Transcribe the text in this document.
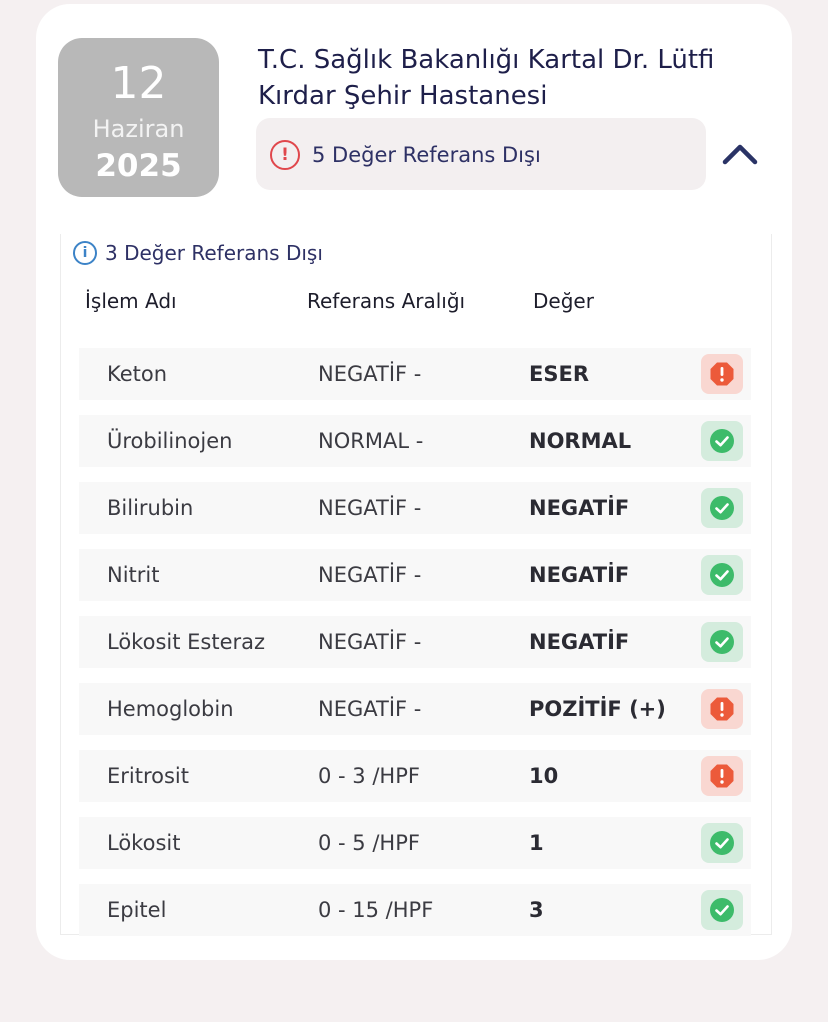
12
Haziran
2025
T.C. Sağlık Bakanlığı Kartal Dr. Lütfi Kırdar Şehir Hastanesi
!	5 Değer Referans Dışı
i 3 Değer Referans Dışı
İşlem Adı	Referans Aralığı	Değer
Keton	NEGATİF -	ESER
Ürobilinojen	NORMAL -	NORMAL
Bilirubin	NEGATİF -	NEGATİF
Nitrit	NEGATİF -	NEGATİF
Lökosit Esteraz	NEGATİF -	NEGATİF
Hemoglobin	NEGATİF -	POZİTİF (+)
Eritrosit	0 - 3 /HPF	10
Lökosit	0 - 5 /HPF	1
Epitel	0 - 15 /HPF	3
